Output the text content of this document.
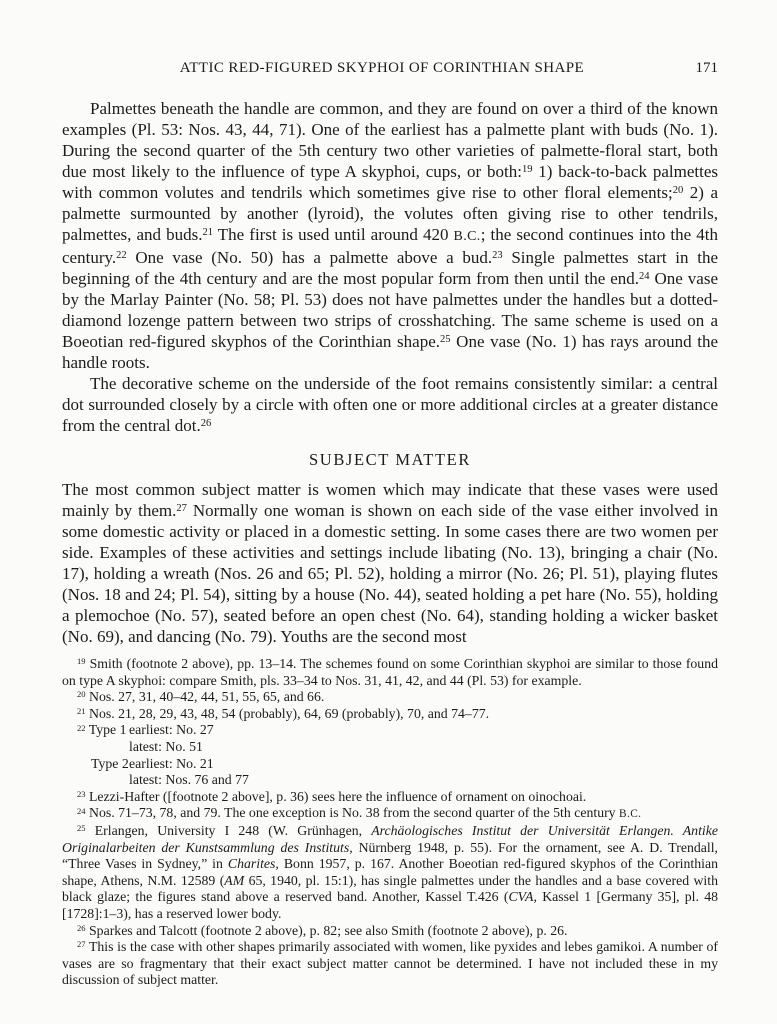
ATTIC RED-FIGURED SKYPHOI OF CORINTHIAN SHAPE	171

Palmettes beneath the handle are common, and they are found on over a third of the known examples (Pl. 53: Nos. 43, 44, 71). One of the earliest has a palmette plant with buds (No. 1). During the second quarter of the 5th century two other varieties of palmette-floral start, both due most likely to the influence of type A skyphoi, cups, or both:$^{19}$ 1) back-to-back palmettes with common volutes and tendrils which sometimes give rise to other floral elements;$^{20}$ 2) a palmette surmounted by another (lyroid), the volutes often giving rise to other tendrils, palmettes, and buds.$^{21}$ The first is used until around 420 B.C.; the second continues into the 4th century.$^{22}$ One vase (No. 50) has a palmette above a bud.$^{23}$ Single palmettes start in the beginning of the 4th century and are the most popular form from then until the end.$^{24}$ One vase by the Marlay Painter (No. 58; Pl. 53) does not have palmettes under the handles but a dotted-diamond lozenge pattern between two strips of crosshatching. The same scheme is used on a Boeotian red-figured skyphos of the Corinthian shape.$^{25}$ One vase (No. 1) has rays around the handle roots.

The decorative scheme on the underside of the foot remains consistently similar: a central dot surrounded closely by a circle with often one or more additional circles at a greater distance from the central dot.$^{26}$

SUBJECT MATTER

The most common subject matter is women which may indicate that these vases were used mainly by them.$^{27}$ Normally one woman is shown on each side of the vase either involved in some domestic activity or placed in a domestic setting. In some cases there are two women per side. Examples of these activities and settings include libating (No. 13), bringing a chair (No. 17), holding a wreath (Nos. 26 and 65; Pl. 52), holding a mirror (No. 26; Pl. 51), playing flutes (Nos. 18 and 24; Pl. 54), sitting by a house (No. 44), seated holding a pet hare (No. 55), holding a plemochoe (No. 57), seated before an open chest (No. 64), standing holding a wicker basket (No. 69), and dancing (No. 79). Youths are the second most

$^{19}$ Smith (footnote 2 above), pp. 13–14. The schemes found on some Corinthian skyphoi are similar to those found on type A skyphoi: compare Smith, pls. 33–34 to Nos. 31, 41, 42, and 44 (Pl. 53) for example.

$^{20}$ Nos. 27, 31, 40–42, 44, 51, 55, 65, and 66.

$^{21}$ Nos. 21, 28, 29, 43, 48, 54 (probably), 64, 69 (probably), 70, and 74–77.

$^{22}$ Type 1 earliest: No. 27
latest: No. 51
Type 2earliest: No. 21
latest: Nos. 76 and 77

$^{23}$ Lezzi-Hafter ([footnote 2 above], p. 36) sees here the influence of ornament on oinochoai.

$^{24}$ Nos. 71–73, 78, and 79. The one exception is No. 38 from the second quarter of the 5th century B.C.

$^{25}$ Erlangen, University I 248 (W. Grünhagen, Archäologisches Institut der Universität Erlangen. Antike Originalarbeiten der Kunstsammlung des Instituts, Nürnberg 1948, p. 55). For the ornament, see A. D. Trendall, “Three Vases in Sydney,” in Charites, Bonn 1957, p. 167. Another Boeotian red-figured skyphos of the Corinthian shape, Athens, N.M. 12589 (AM 65, 1940, pl. 15:1), has single palmettes under the handles and a base covered with black glaze; the figures stand above a reserved band. Another, Kassel T.426 (CVA, Kassel 1 [Germany 35], pl. 48 [1728]:1–3), has a reserved lower body.

$^{26}$ Sparkes and Talcott (footnote 2 above), p. 82; see also Smith (footnote 2 above), p. 26.

$^{27}$ This is the case with other shapes primarily associated with women, like pyxides and lebes gamikoi. A number of vases are so fragmentary that their exact subject matter cannot be determined. I have not included these in my discussion of subject matter.
